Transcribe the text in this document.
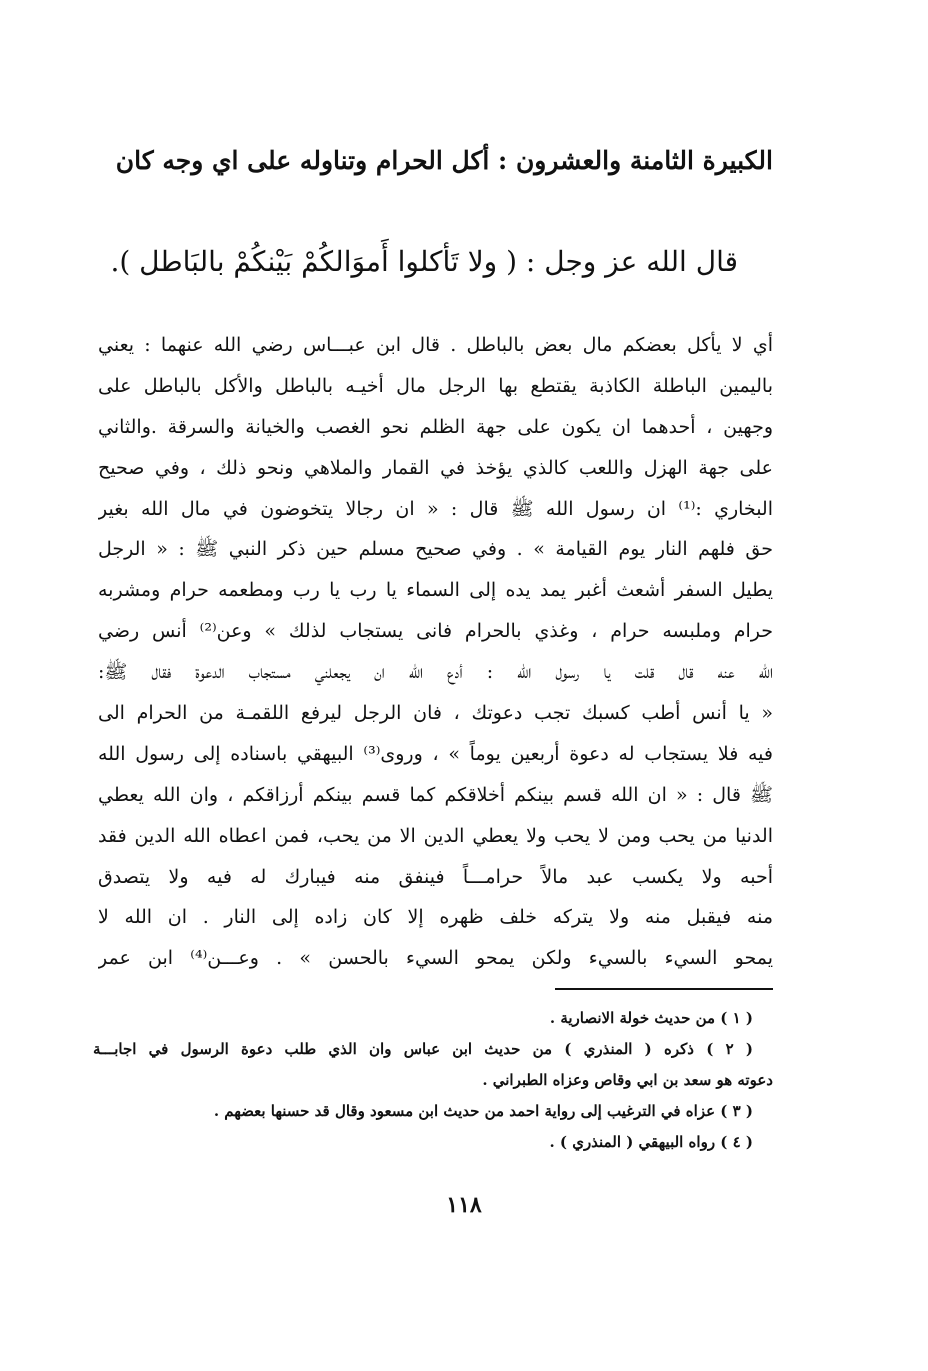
الكبيرة الثامنة والعشرون : أكل الحرام وتناوله على اي وجه كان
قال الله عز وجل : ( ولا تَأكلوا أَموَالكُمْ بَيْنكُمْ بالبَاطل ).
أي لا يأكل بعضكم مال بعض بالباطل . قال ابن عبـــاس رضي الله عنهما : يعني
باليمين الباطلة الكاذبة يقتطع بها الرجل مال أخيـه بالباطل والأكل بالباطل على
وجهين ، أحدهما ان يكون على جهة الظلم نحو الغصب والخيانة والسرقة .والثاني
على جهة الهزل واللعب كالذي يؤخذ في القمار والملاهي ونحو ذلك ، وفي صحيح
البخاري :⁽¹⁾ ان رسول الله ﷺ قال : « ان رجالا يتخوضون في مال الله بغير
حق فلهم النار يوم القيامة » . وفي صحيح مسلم حين ذكر النبي ﷺ : « الرجل
يطيل السفر أشعث أغبر يمد يده إلى السماء يا رب يا رب ومطعمه حرام ومشربه
حرام وملبسه حرام ، وغذي بالحرام فانى يستجاب لذلك » وعن⁽²⁾ أنس رضي
الله عنه قال قلت يا رسول الله : أدع الله ان يجعلني مستجاب الدعوة فقال ﷺ:
« يا أنس أطب كسبك تجب دعوتك ، فان الرجل ليرفع اللقمـة من الحرام الى
فيه فلا يستجاب له دعوة أربعين يوماً » ، وروى⁽³⁾ البيهقي باسناده إلى رسول الله
ﷺ قال : « ان الله قسم بينكم أخلاقكم كما قسم بينكم أرزاقكم ، وان الله يعطي
الدنيا من يحب ومن لا يحب ولا يعطي الدين الا من يحب، فمن اعطاه الله الدين فقد
أحبه ولا يكسب عبد مالاً حرامـــاً فينفق منه فيبارك له فيه ولا يتصدق
منه فيقبل منه ولا يتركه خلف ظهره إلا كان زاده إلى النار . ان الله لا
يمحو السيء بالسيء ولكن يمحو السيء بالحسن » . وعـــن⁽⁴⁾ ابن عمر
( ١ ) من حديث خولة الانصارية .
( ٢ ) ذكره ( المنذري ) من حديث ابن عباس وان الذي طلب دعوة الرسول في اجابـــة
دعوته هو سعد بن ابي وقاص وعزاه الطبراني .
( ٣ ) عزاه في الترغيب إلى رواية احمد من حديث ابن مسعود وقال قد حسنها بعضهم .
( ٤ ) رواه البيهقي ( المنذري ) .
١١٨
